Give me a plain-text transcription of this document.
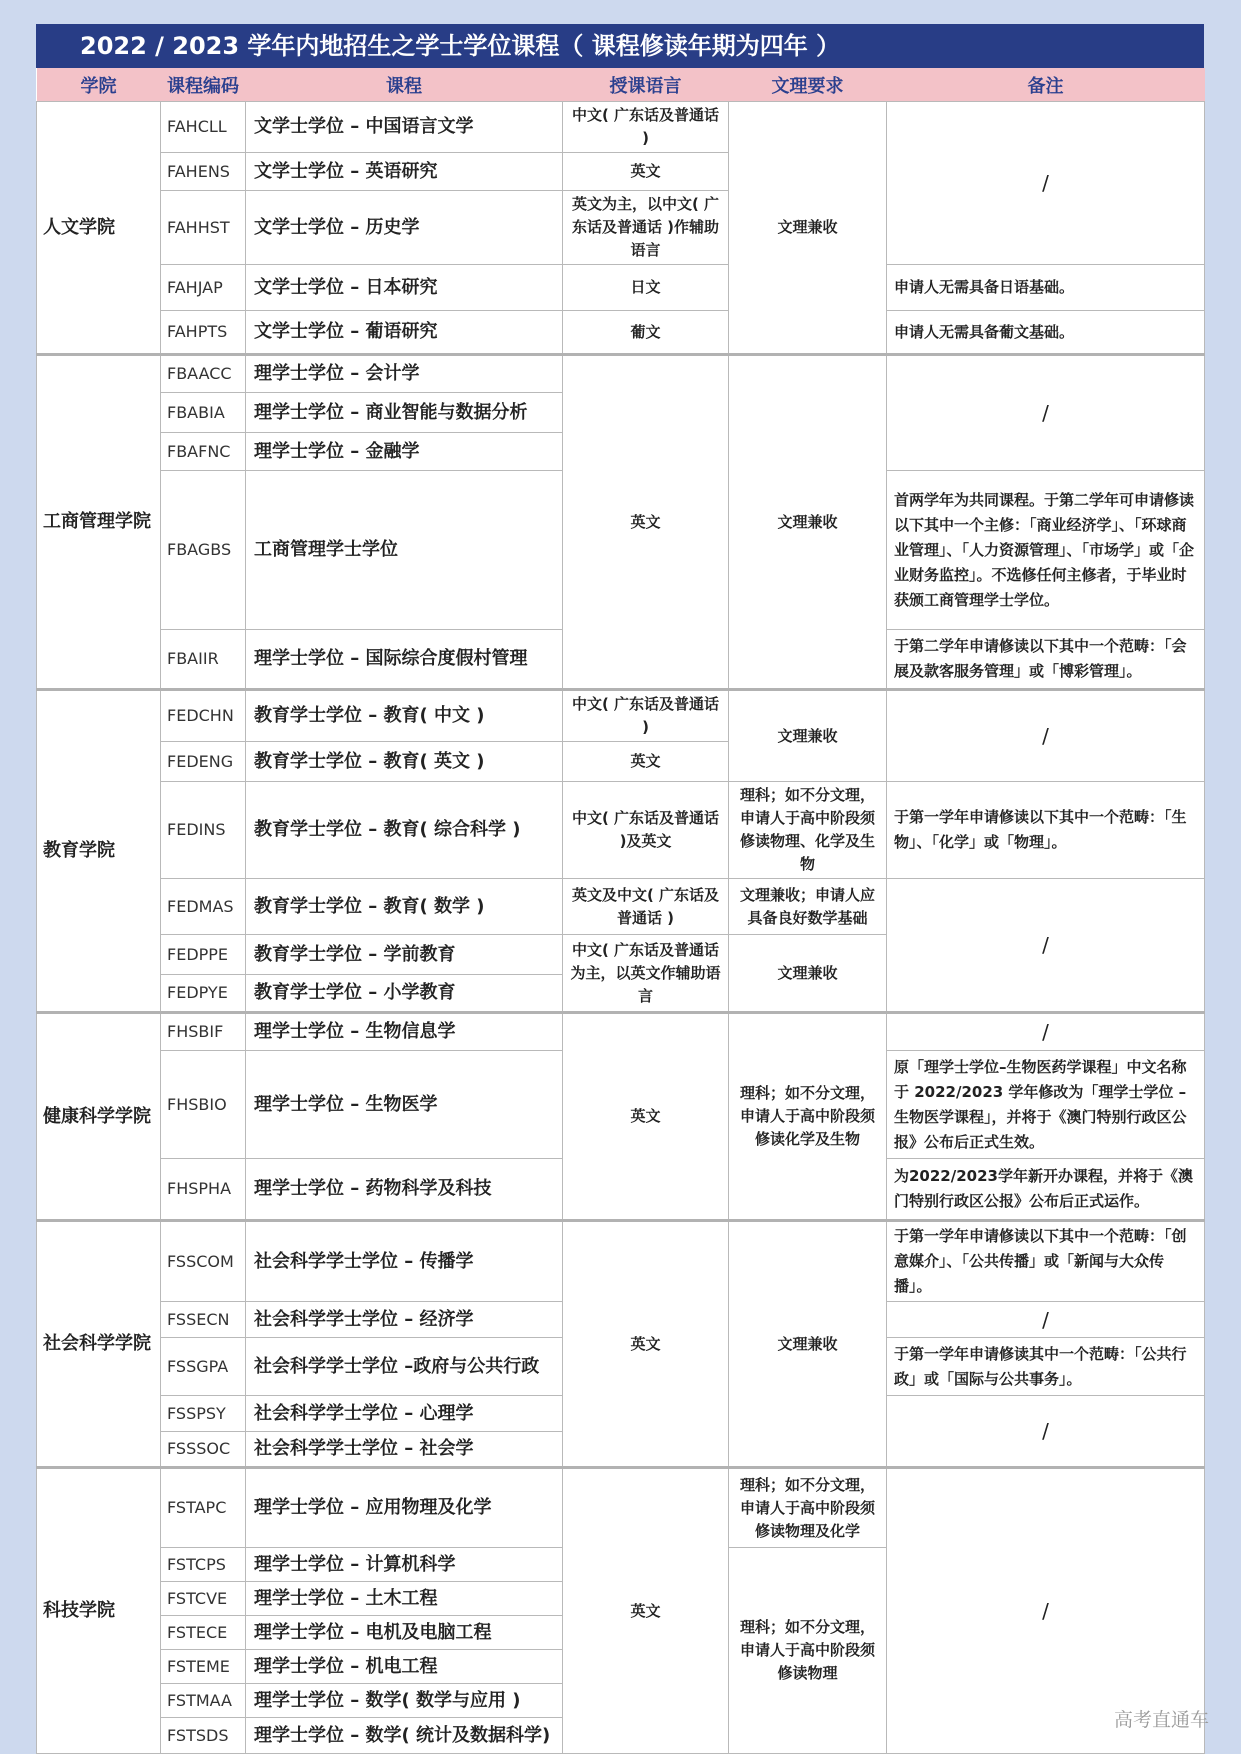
2022 / 2023 学年内地招生之学士学位课程（ 课程修读年期为四年 ）
学院	课程编码	课程	授课语言	文理要求	备注
人文学院	FAHCLL	文学士学位 – 中国语言文学	中文( 广东话及普通话 )	文理兼收	/
	FAHENS	文学士学位 – 英语研究	英文		
	FAHHST	文学士学位 – 历史学	英文为主，以中文( 广东话及普通话 )作辅助语言		
	FAHJAP	文学士学位 – 日本研究	日文		申请人无需具备日语基础。
	FAHPTS	文学士学位 – 葡语研究	葡文		申请人无需具备葡文基础。
工商管理学院	FBAACC	理学士学位 – 会计学	英文	文理兼收	/
	FBABIA	理学士学位 – 商业智能与数据分析			
	FBAFNC	理学士学位 – 金融学			
	FBAGBS	工商管理学士学位			首两学年为共同课程。于第二学年可申请修读以下其中一个主修：「商业经济学」、「环球商业管理」、「人力资源管理」、「市场学」或「企业财务监控」。不选修任何主修者，于毕业时获颁工商管理学士学位。
	FBAIIR	理学士学位 – 国际综合度假村管理			于第二学年申请修读以下其中一个范畴：「会展及款客服务管理」或「博彩管理」。
教育学院	FEDCHN	教育学士学位 – 教育( 中文 )	中文( 广东话及普通话 )	文理兼收	/
	FEDENG	教育学士学位 – 教育( 英文 )	英文		
	FEDINS	教育学士学位 – 教育( 综合科学 )	中文( 广东话及普通话 )及英文	理科；如不分文理，申请人于高中阶段须修读物理、化学及生物	于第一学年申请修读以下其中一个范畴：「生物」、「化学」或「物理」。
	FEDMAS	教育学士学位 – 教育( 数学 )	英文及中文( 广东话及普通话 )	文理兼收；申请人应具备良好数学基础	/
	FEDPPE	教育学士学位 – 学前教育	中文( 广东话及普通话为主，以英文作辅助语言	文理兼收	
	FEDPYE	教育学士学位 – 小学教育			
健康科学学院	FHSBIF	理学士学位 – 生物信息学	英文	理科；如不分文理，申请人于高中阶段须修读化学及生物	/
	FHSBIO	理学士学位 – 生物医学			原「理学士学位–生物医药学课程」中文名称于 2022/2023 学年修改为「理学士学位 – 生物医学课程」，并将于《澳门特别行政区公报》公布后正式生效。
	FHSPHA	理学士学位 – 药物科学及科技			为2022/2023学年新开办课程，并将于《澳门特别行政区公报》公布后正式运作。
社会科学学院	FSSCOM	社会科学学士学位 – 传播学	英文	文理兼收	于第一学年申请修读以下其中一个范畴：「创意媒介」、「公共传播」或「新闻与大众传播」。
	FSSECN	社会科学学士学位 – 经济学			/
	FSSGPA	社会科学学士学位 –政府与公共行政			于第一学年申请修读其中一个范畴：「公共行政」或「国际与公共事务」。
	FSSPSY	社会科学学士学位 – 心理学			/
	FSSSOC	社会科学学士学位 – 社会学			
科技学院	FSTAPC	理学士学位 – 应用物理及化学	英文	理科；如不分文理，申请人于高中阶段须修读物理及化学	/
	FSTCPS	理学士学位 – 计算机科学		理科；如不分文理，申请人于高中阶段须修读物理	
	FSTCVE	理学士学位 – 土木工程			
	FSTECE	理学士学位 – 电机及电脑工程			
	FSTEME	理学士学位 – 机电工程			
	FSTMAA	理学士学位 – 数学( 数学与应用 )			
	FSTSDS	理学士学位 – 数学( 统计及数据科学)			
高考直通车
